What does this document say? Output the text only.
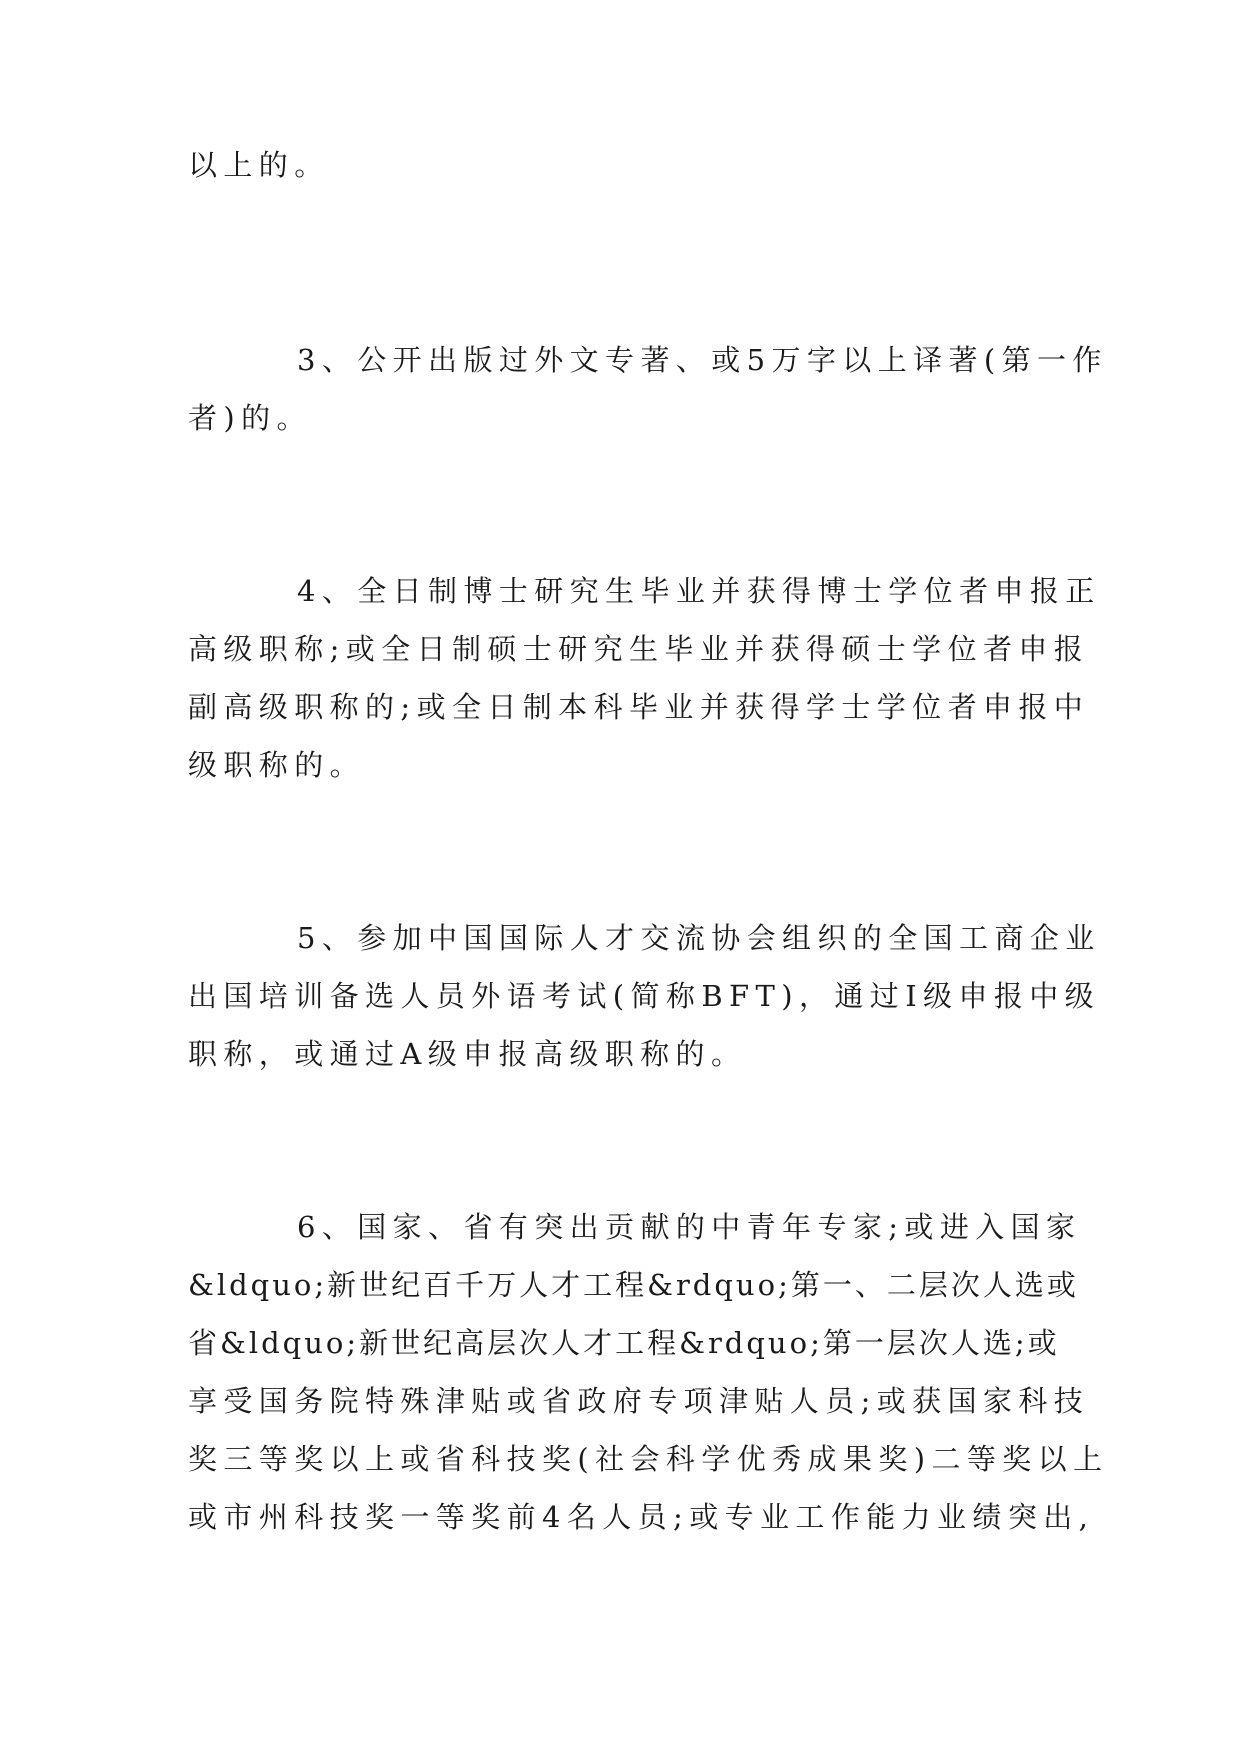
以上的。
3、公开出版过外文专著、或5万字以上译著(第一作
者)的。
4、全日制博士研究生毕业并获得博士学位者申报正
高级职称;或全日制硕士研究生毕业并获得硕士学位者申报
副高级职称的;或全日制本科毕业并获得学士学位者申报中
级职称的。
5、参加中国国际人才交流协会组织的全国工商企业
出国培训备选人员外语考试(简称BFT)，通过Ⅰ级申报中级
职称，或通过A级申报高级职称的。
6、国家、省有突出贡献的中青年专家;或进入国家
&ldquo;新世纪百千万人才工程&rdquo;第一、二层次人选或
省&ldquo;新世纪高层次人才工程&rdquo;第一层次人选;或
享受国务院特殊津贴或省政府专项津贴人员;或获国家科技
奖三等奖以上或省科技奖(社会科学优秀成果奖)二等奖以上
或市州科技奖一等奖前4名人员;或专业工作能力业绩突出,
